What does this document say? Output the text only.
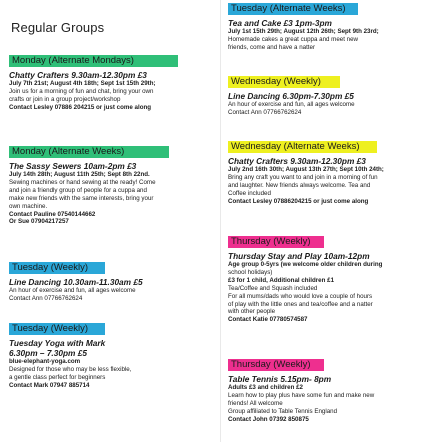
Regular Groups
Monday (Alternate Mondays)
Chatty Crafters 9.30am-12.30pm £3
July 7th 21st; August 4th 18th; Sept 1st 15th 29th;
Join us for a morning of fun and chat, bring your own
crafts or join in a group project/workshop
Contact Lesley 07886 204215 or just come along
Monday (Alternate Weeks)
The Sassy Sewers 10am-2pm £3
July 14th 28th; August 11th 25th; Sept 8th 22nd.
Sewing machines or hand sewing at the ready! Come
and join a friendly group of people for a cuppa and
make new friends with the same interests, bring your
own machine.
Contact Pauline 07540144662
Or Sue 07904217257
Tuesday (Weekly)
Line Dancing 10.30am-11.30am £5
An hour of exercise and fun, all ages welcome
Contact Ann 07766762624
Tuesday (Weekly)
Tuesday Yoga with Mark
6.30pm – 7.30pm £5
blue-elephant-yoga.com
Designed for those who may be less flexible,
a gentle class perfect for beginners
Contact Mark 07947 885714
Tuesday (Alternate Weeks)
Tea and Cake £3 1pm-3pm
July 1st 15th 29th; August 12th 26th; Sept 9th 23rd;
Homemade cakes a great cuppa and meet new
friends, come and have a natter
Wednesday (Weekly)
Line Dancing 6.30pm-7.30pm £5
An hour of exercise and fun, all ages welcome
Contact Ann 07766762624
Wednesday (Alternate Weeks)
Chatty Crafters 9.30am-12.30pm £3
July 2nd 16th 30th; August 13th 27th; Sept 10th 24th;
Bring any craft you want to and join in a morning of fun
and laughter. New friends always welcome. Tea and
Coffee included
Contact Lesley 07886204215 or just come along
Thursday (Weekly)
Thursday Stay and Play 10am-12pm
Age group 0-5yrs (we welcome older children during
school holidays)
£3 for 1 child, Additional children £1
Tea/Coffee and Squash included
For all mums/dads who would love a couple of hours
of play with the little ones and tea/coffee and a natter
with other people
Contact Katie 07780574587
Thursday (Weekly)
Table Tennis 5.15pm- 8pm
Adults £3 and children £2
Learn how to play plus have some fun and make new
friends! All welcome
Group affiliated to Table Tennis England
Contact John 07392 850875
